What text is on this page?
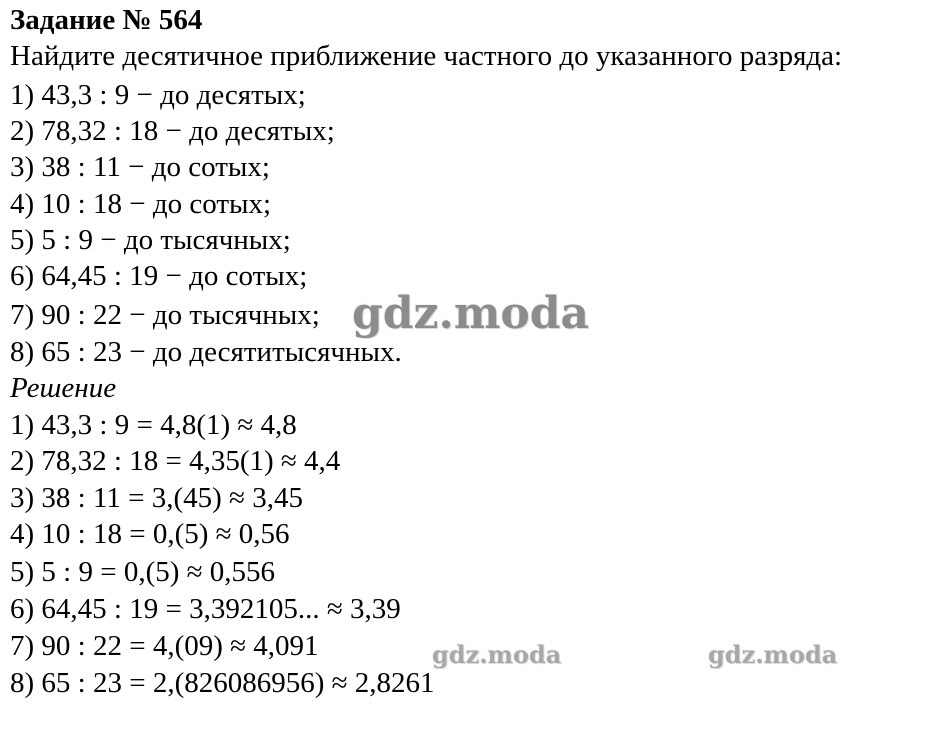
Задание № 564
Найдите десятичное приближение частного до указанного разряда:
1) 43,3 : 9 − до десятых;
2) 78,32 : 18 − до десятых;
3) 38 : 11 − до сотых;
4) 10 : 18 − до сотых;
5) 5 : 9 − до тысячных;
6) 64,45 : 19 − до сотых;
7) 90 : 22 − до тысячных;
8) 65 : 23 − до десятитысячных.
Решение
1) 43,3 : 9 = 4,8(1) ≈ 4,8
2) 78,32 : 18 = 4,35(1) ≈ 4,4
3) 38 : 11 = 3,(45) ≈ 3,45
4) 10 : 18 = 0,(5) ≈ 0,56
5) 5 : 9 = 0,(5) ≈ 0,556
6) 64,45 : 19 = 3,392105... ≈ 3,39
7) 90 : 22 = 4,(09) ≈ 4,091
8) 65 : 23 = 2,(826086956) ≈ 2,8261
gdz.moda
gdz.moda	gdz.moda
